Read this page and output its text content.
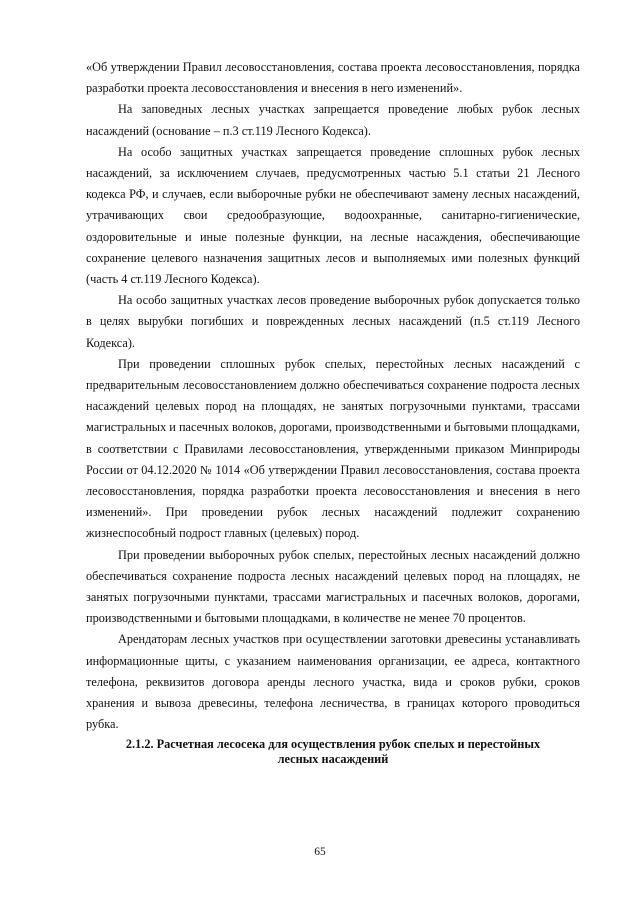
«Об утверждении Правил лесовосстановления, состава проекта лесовосстановления, порядка разработки проекта лесовосстановления и внесения в него изменений».

На заповедных лесных участках запрещается проведение любых рубок лесных насаждений (основание – п.3 ст.119 Лесного Кодекса).

На особо защитных участках запрещается проведение сплошных рубок лесных насаждений, за исключением случаев, предусмотренных частью 5.1 статьи 21 Лесного кодекса РФ, и случаев, если выборочные рубки не обеспечивают замену лесных насаждений, утрачивающих свои средообразующие, водоохранные, санитарно-гигиенические, оздоровительные и иные полезные функции, на лесные насаждения, обеспечивающие сохранение целевого назначения защитных лесов и выполняемых ими полезных функций (часть 4 ст.119 Лесного Кодекса).

На особо защитных участках лесов проведение выборочных рубок допускается только в целях вырубки погибших и поврежденных лесных насаждений (п.5 ст.119 Лесного Кодекса).

При проведении сплошных рубок спелых, перестойных лесных насаждений с предварительным лесовосстановлением должно обеспечиваться сохранение подроста лесных насаждений целевых пород на площадях, не занятых погрузочными пунктами, трассами магистральных и пасечных волоков, дорогами, производственными и бытовыми площадками, в соответствии с Правилами лесовосстановления, утвержденными приказом Минприроды России от 04.12.2020 № 1014 «Об утверждении Правил лесовосстановления, состава проекта лесовосстановления, порядка разработки проекта лесовосстановления и внесения в него изменений». При проведении рубок лесных насаждений подлежит сохранению жизнеспособный подрост главных (целевых) пород.

При проведении выборочных рубок спелых, перестойных лесных насаждений должно обеспечиваться сохранение подроста лесных насаждений целевых пород на площадях, не занятых погрузочными пунктами, трассами магистральных и пасечных волоков, дорогами, производственными и бытовыми площадками, в количестве не менее 70 процентов.

Арендаторам лесных участков при осуществлении заготовки древесины устанавливать информационные щиты, с указанием наименования организации, ее адреса, контактного телефона, реквизитов договора аренды лесного участка, вида и сроков рубки, сроков хранения и вывоза древесины, телефона лесничества, в границах которого проводиться рубка.

2.1.2. Расчетная лесосека для осуществления рубок спелых и перестойных
лесных насаждений
65
